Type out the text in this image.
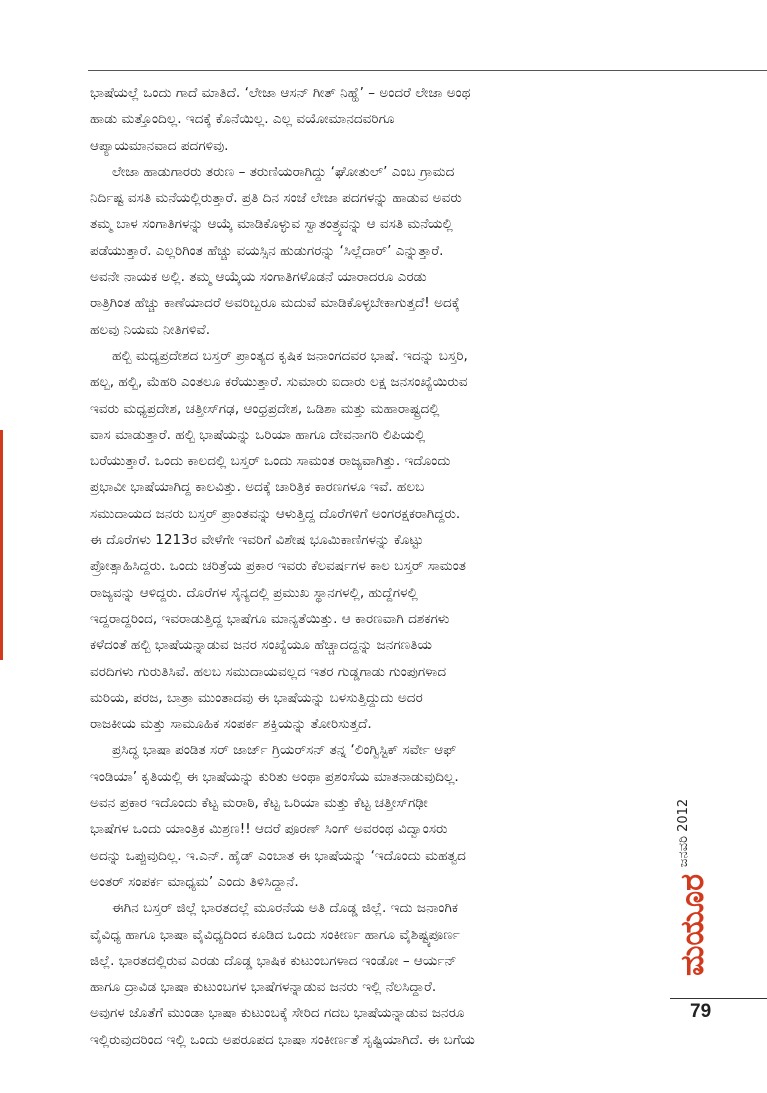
ಭಾಷೆಯಲ್ಲೆ ಒಂದು ಗಾದೆ ಮಾತಿದೆ. ‘ಲೇಜಾ ಆಸನ್ ಗೀತ್ ನಿಹ್ಹೆ’ – ಅಂದರೆ ಲೇಜಾ ಅಂಥ
ಹಾಡು ಮತ್ತೊಂದಿಲ್ಲ. ಇದಕ್ಕೆ ಕೊನೆಯಿಲ್ಲ. ಎಲ್ಲ ವಯೋಮಾನದವರಿಗೂ
ಆಪ್ಯಾಯಮಾನವಾದ ಪದಗಳಿವು.

ಲೇಜಾ ಹಾಡುಗಾರರು ತರುಣ – ತರುಣಿಯರಾಗಿದ್ದು ‘ಘೋತುಲ್’ ಎಂಬ ಗ್ರಾಮದ
ನಿರ್ದಿಷ್ಟ ವಸತಿ ಮನೆಯಲ್ಲಿರುತ್ತಾರೆ. ಪ್ರತಿ ದಿನ ಸಂಜೆ ಲೇಜಾ ಪದಗಳನ್ನು ಹಾಡುವ ಅವರು
ತಮ್ಮ ಬಾಳ ಸಂಗಾತಿಗಳನ್ನು ಆಯ್ಕೆ ಮಾಡಿಕೊಳ್ಳುವ ಸ್ವಾತಂತ್ರ್ಯವನ್ನು ಆ ವಸತಿ ಮನೆಯಲ್ಲಿ
ಪಡೆಯುತ್ತಾರೆ. ಎಲ್ಲರಿಗಿಂತ ಹೆಚ್ಚು ವಯಸ್ಸಿನ ಹುಡುಗರನ್ನು ‘ಸಿಲ್ಲೆದಾರ್’ ಎನ್ನುತ್ತಾರೆ.
ಅವನೇ ನಾಯಕ ಅಲ್ಲಿ. ತಮ್ಮ ಆಯ್ಕೆಯ ಸಂಗಾತಿಗಳೊಡನೆ ಯಾರಾದರೂ ಎರಡು
ರಾತ್ರಿಗಿಂತ ಹೆಚ್ಚು ಕಾಣೆಯಾದರೆ ಅವರಿಬ್ಬರೂ ಮದುವೆ ಮಾಡಿಕೊಳ್ಳಬೇಕಾಗುತ್ತದೆ! ಅದಕ್ಕೆ
ಹಲವು ನಿಯಮ ನೀತಿಗಳಿವೆ.

ಹಲ್ಬಿ ಮಧ್ಯಪ್ರದೇಶದ ಬಸ್ತರ್ ಪ್ರಾಂತ್ಯದ ಕೃಷಿಕ ಜನಾಂಗದವರ ಭಾಷೆ. ಇದನ್ನು ಬಸ್ತರಿ,
ಹಲ್ಬ, ಹಲ್ಬಿ, ಮೆಹರಿ ಎಂತಲೂ ಕರೆಯುತ್ತಾರೆ. ಸುಮಾರು ಐದಾರು ಲಕ್ಷ ಜನಸಂಖ್ಯೆಯಿರುವ
ಇವರು ಮಧ್ಯಪ್ರದೇಶ, ಚತ್ತೀಸ್‌ಗಢ, ಆಂಧ್ರಪ್ರದೇಶ, ಒಡಿಶಾ ಮತ್ತು ಮಹಾರಾಷ್ಟ್ರದಲ್ಲಿ
ವಾಸ ಮಾಡುತ್ತಾರೆ. ಹಲ್ಬಿ ಭಾಷೆಯನ್ನು ಒರಿಯಾ ಹಾಗೂ ದೇವನಾಗರಿ ಲಿಪಿಯಲ್ಲಿ
ಬರೆಯುತ್ತಾರೆ. ಒಂದು ಕಾಲದಲ್ಲಿ ಬಸ್ತರ್ ಒಂದು ಸಾಮಂತ ರಾಜ್ಯವಾಗಿತ್ತು. ಇದೊಂದು
ಪ್ರಭಾವೀ ಭಾಷೆಯಾಗಿದ್ದ ಕಾಲವಿತ್ತು. ಅದಕ್ಕೆ ಚಾರಿತ್ರಿಕ ಕಾರಣಗಳೂ ಇವೆ. ಹಲಬ
ಸಮುದಾಯದ ಜನರು ಬಸ್ತರ್ ಪ್ರಾಂತವನ್ನು ಆಳುತ್ತಿದ್ದ ದೊರೆಗಳಿಗೆ ಅಂಗರಕ್ಷಕರಾಗಿದ್ದರು.
ಈ ದೊರೆಗಳು 1213ರ ವೇಳೆಗೇ ಇವರಿಗೆ ವಿಶೇಷ ಭೂಮಿಕಾಣಿಗಳನ್ನು ಕೊಟ್ಟು
ಪ್ರೋತ್ಸಾಹಿಸಿದ್ದರು. ಒಂದು ಚರಿತ್ರೆಯ ಪ್ರಕಾರ ಇವರು ಕೆಲವರ್ಷಗಳ ಕಾಲ ಬಸ್ತರ್ ಸಾಮಂತ
ರಾಜ್ಯವನ್ನು ಆಳಿದ್ದರು. ದೊರೆಗಳ ಸೈನ್ಯದಲ್ಲಿ ಪ್ರಮುಖ ಸ್ಥಾನಗಳಲ್ಲಿ, ಹುದ್ದೆಗಳಲ್ಲಿ
ಇದ್ದರಾದ್ದರಿಂದ, ಇವರಾಡುತ್ತಿದ್ದ ಭಾಷೆಗೂ ಮಾನ್ಯತೆಯಿತ್ತು. ಆ ಕಾರಣವಾಗಿ ದಶಕಗಳು
ಕಳೆದಂತೆ ಹಲ್ಬಿ ಭಾಷೆಯನ್ನಾಡುವ ಜನರ ಸಂಖ್ಯೆಯೂ ಹೆಚ್ಚಾದದ್ದನ್ನು ಜನಗಣತಿಯ
ವರದಿಗಳು ಗುರುತಿಸಿವೆ. ಹಲಬ ಸಮುದಾಯವಲ್ಲದ ಇತರ ಗುಡ್ಡಗಾಡು ಗುಂಪುಗಳಾದ
ಮರಿಯ, ಪರಜ, ಬಾತ್ರಾ ಮುಂತಾದವು ಈ ಭಾಷೆಯನ್ನು ಬಳಸುತ್ತಿದ್ದುದು ಅದರ
ರಾಜಕೀಯ ಮತ್ತು ಸಾಮೂಹಿಕ ಸಂಪರ್ಕ ಶಕ್ತಿಯನ್ನು ತೋರಿಸುತ್ತದೆ.

ಪ್ರಸಿದ್ಧ ಭಾಷಾ ಪಂಡಿತ ಸರ್ ಜಾರ್ಜ್ ಗ್ರಿಯರ್‌ಸನ್ ತನ್ನ ‘ಲಿಂಗ್ವಿಸ್ಟಿಕ್ ಸರ್ವೇ ಆಫ್
ಇಂಡಿಯಾ’ ಕೃತಿಯಲ್ಲಿ ಈ ಭಾಷೆಯನ್ನು ಕುರಿತು ಅಂಥಾ ಪ್ರಶಂಸೆಯ ಮಾತನಾಡುವುದಿಲ್ಲ.
ಅವನ ಪ್ರಕಾರ ಇದೊಂದು ಕೆಟ್ಟ ಮರಾಠಿ, ಕೆಟ್ಟ ಒರಿಯಾ ಮತ್ತು ಕೆಟ್ಟ ಚತ್ತೀಸ್‌ಗಢೀ
ಭಾಷೆಗಳ ಒಂದು ಯಾಂತ್ರಿಕ ಮಿಶ್ರಣ!! ಆದರೆ ಪೂರಣ್ ಸಿಂಗ್ ಅವರಂಥ ವಿದ್ವಾಂಸರು
ಅದನ್ನು ಒಪ್ಪುವುದಿಲ್ಲ. ಇ.ಎನ್. ಹೈಡ್ ಎಂಬಾತ ಈ ಭಾಷೆಯನ್ನು ‘ಇದೊಂದು ಮಹತ್ವದ
ಅಂತರ್ ಸಂಪರ್ಕ ಮಾಧ್ಯಮ’ ಎಂದು ತಿಳಿಸಿದ್ದಾನೆ.

ಈಗಿನ ಬಸ್ತರ್ ಜಿಲ್ಲೆ ಭಾರತದಲ್ಲೆ ಮೂರನೆಯ ಅತಿ ದೊಡ್ಡ ಜಿಲ್ಲೆ. ಇದು ಜನಾಂಗಿಕ
ವೈವಿಧ್ಯ ಹಾಗೂ ಭಾಷಾ ವೈವಿಧ್ಯದಿಂದ ಕೂಡಿದ ಒಂದು ಸಂಕೀರ್ಣ ಹಾಗೂ ವೈಶಿಷ್ಟ್ಯಪೂರ್ಣ
ಜಿಲ್ಲೆ. ಭಾರತದಲ್ಲಿರುವ ಎರಡು ದೊಡ್ಡ ಭಾಷಿಕ ಕುಟುಂಬಗಳಾದ ಇಂಡೋ – ಆರ್ಯನ್
ಹಾಗೂ ದ್ರಾವಿಡ ಭಾಷಾ ಕುಟುಂಬಗಳ ಭಾಷೆಗಳನ್ನಾಡುವ ಜನರು ಇಲ್ಲಿ ನೆಲಸಿದ್ದಾರೆ.
ಅವುಗಳ ಜೊತೆಗೆ ಮುಂಡಾ ಭಾಷಾ ಕುಟುಂಬಕ್ಕೆ ಸೇರಿದ ಗದಬ ಭಾಷೆಯನ್ನಾಡುವ ಜನರೂ
ಇಲ್ಲಿರುವುದರಿಂದ ಇಲ್ಲಿ ಒಂದು ಅಪರೂಪದ ಭಾಷಾ ಸಂಕೀರ್ಣತೆ ಸೃಷ್ಟಿಯಾಗಿದೆ. ಈ ಬಗೆಯ

ಮಯೂರ
ಜನವರಿ 2012
79
